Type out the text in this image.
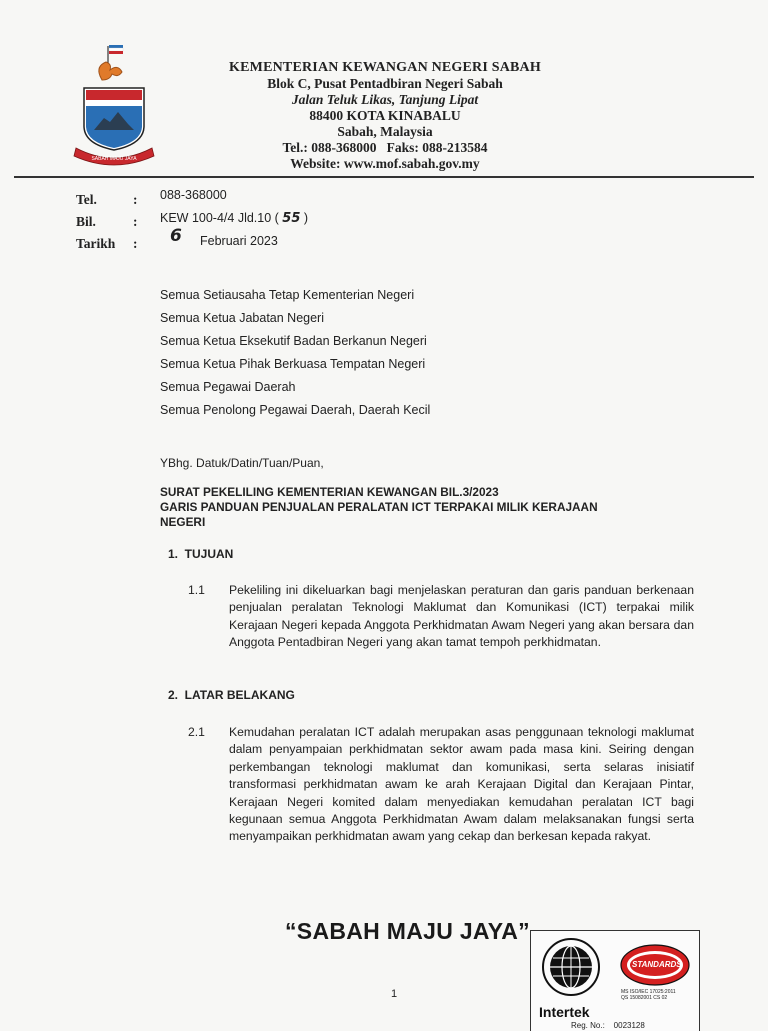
SABAH MAJU JAYA
KEMENTERIAN KEWANGAN NEGERI SABAH
Blok C, Pusat Pentadbiran Negeri Sabah
Jalan Teluk Likas, Tanjung Lipat
88400 KOTA KINABALU
Sabah, Malaysia
Tel.: 088-368000   Faks: 088-213584
Website: www.mof.sabah.gov.my
Tel.	: 088-368000
Bil.	: KEW 100-4/4 Jld.10 ( 55 )
Tarikh : 6 Februari 2023
Semua Setiausaha Tetap Kementerian Negeri
Semua Ketua Jabatan Negeri
Semua Ketua Eksekutif Badan Berkanun Negeri
Semua Ketua Pihak Berkuasa Tempatan Negeri
Semua Pegawai Daerah
Semua Penolong Pegawai Daerah, Daerah Kecil
YBhg. Datuk/Datin/Tuan/Puan,
SURAT PEKELILING KEMENTERIAN KEWANGAN BIL.3/2023
GARIS PANDUAN PENJUALAN PERALATAN ICT TERPAKAI MILIK KERAJAAN
NEGERI
1.  TUJUAN
1.1 Pekeliling ini dikeluarkan bagi menjelaskan peraturan dan garis panduan berkenaan penjualan peralatan Teknologi Maklumat dan Komunikasi (ICT) terpakai milik Kerajaan Negeri kepada Anggota Perkhidmatan Awam Negeri yang akan bersara dan Anggota Pentadbiran Negeri yang akan tamat tempoh perkhidmatan.
2.  LATAR BELAKANG
2.1 Kemudahan peralatan ICT adalah merupakan asas penggunaan teknologi maklumat dalam penyampaian perkhidmatan sektor awam pada masa kini. Seiring dengan perkembangan teknologi maklumat dan komunikasi, serta selaras inisiatif transformasi perkhidmatan awam ke arah Kerajaan Digital dan Kerajaan Pintar, Kerajaan Negeri komited dalam menyediakan kemudahan peralatan ICT bagi kegunaan semua Anggota Perkhidmatan Awam dalam melaksanakan fungsi serta menyampaikan perkhidmatan awam yang cekap dan berkesan kepada rakyat.
“SABAH MAJU JAYA”
1
STANDARDS
MS ISO/IEC 17025:2011
QS 15082001 CS 02
Intertek
Reg. No.:    0023128
